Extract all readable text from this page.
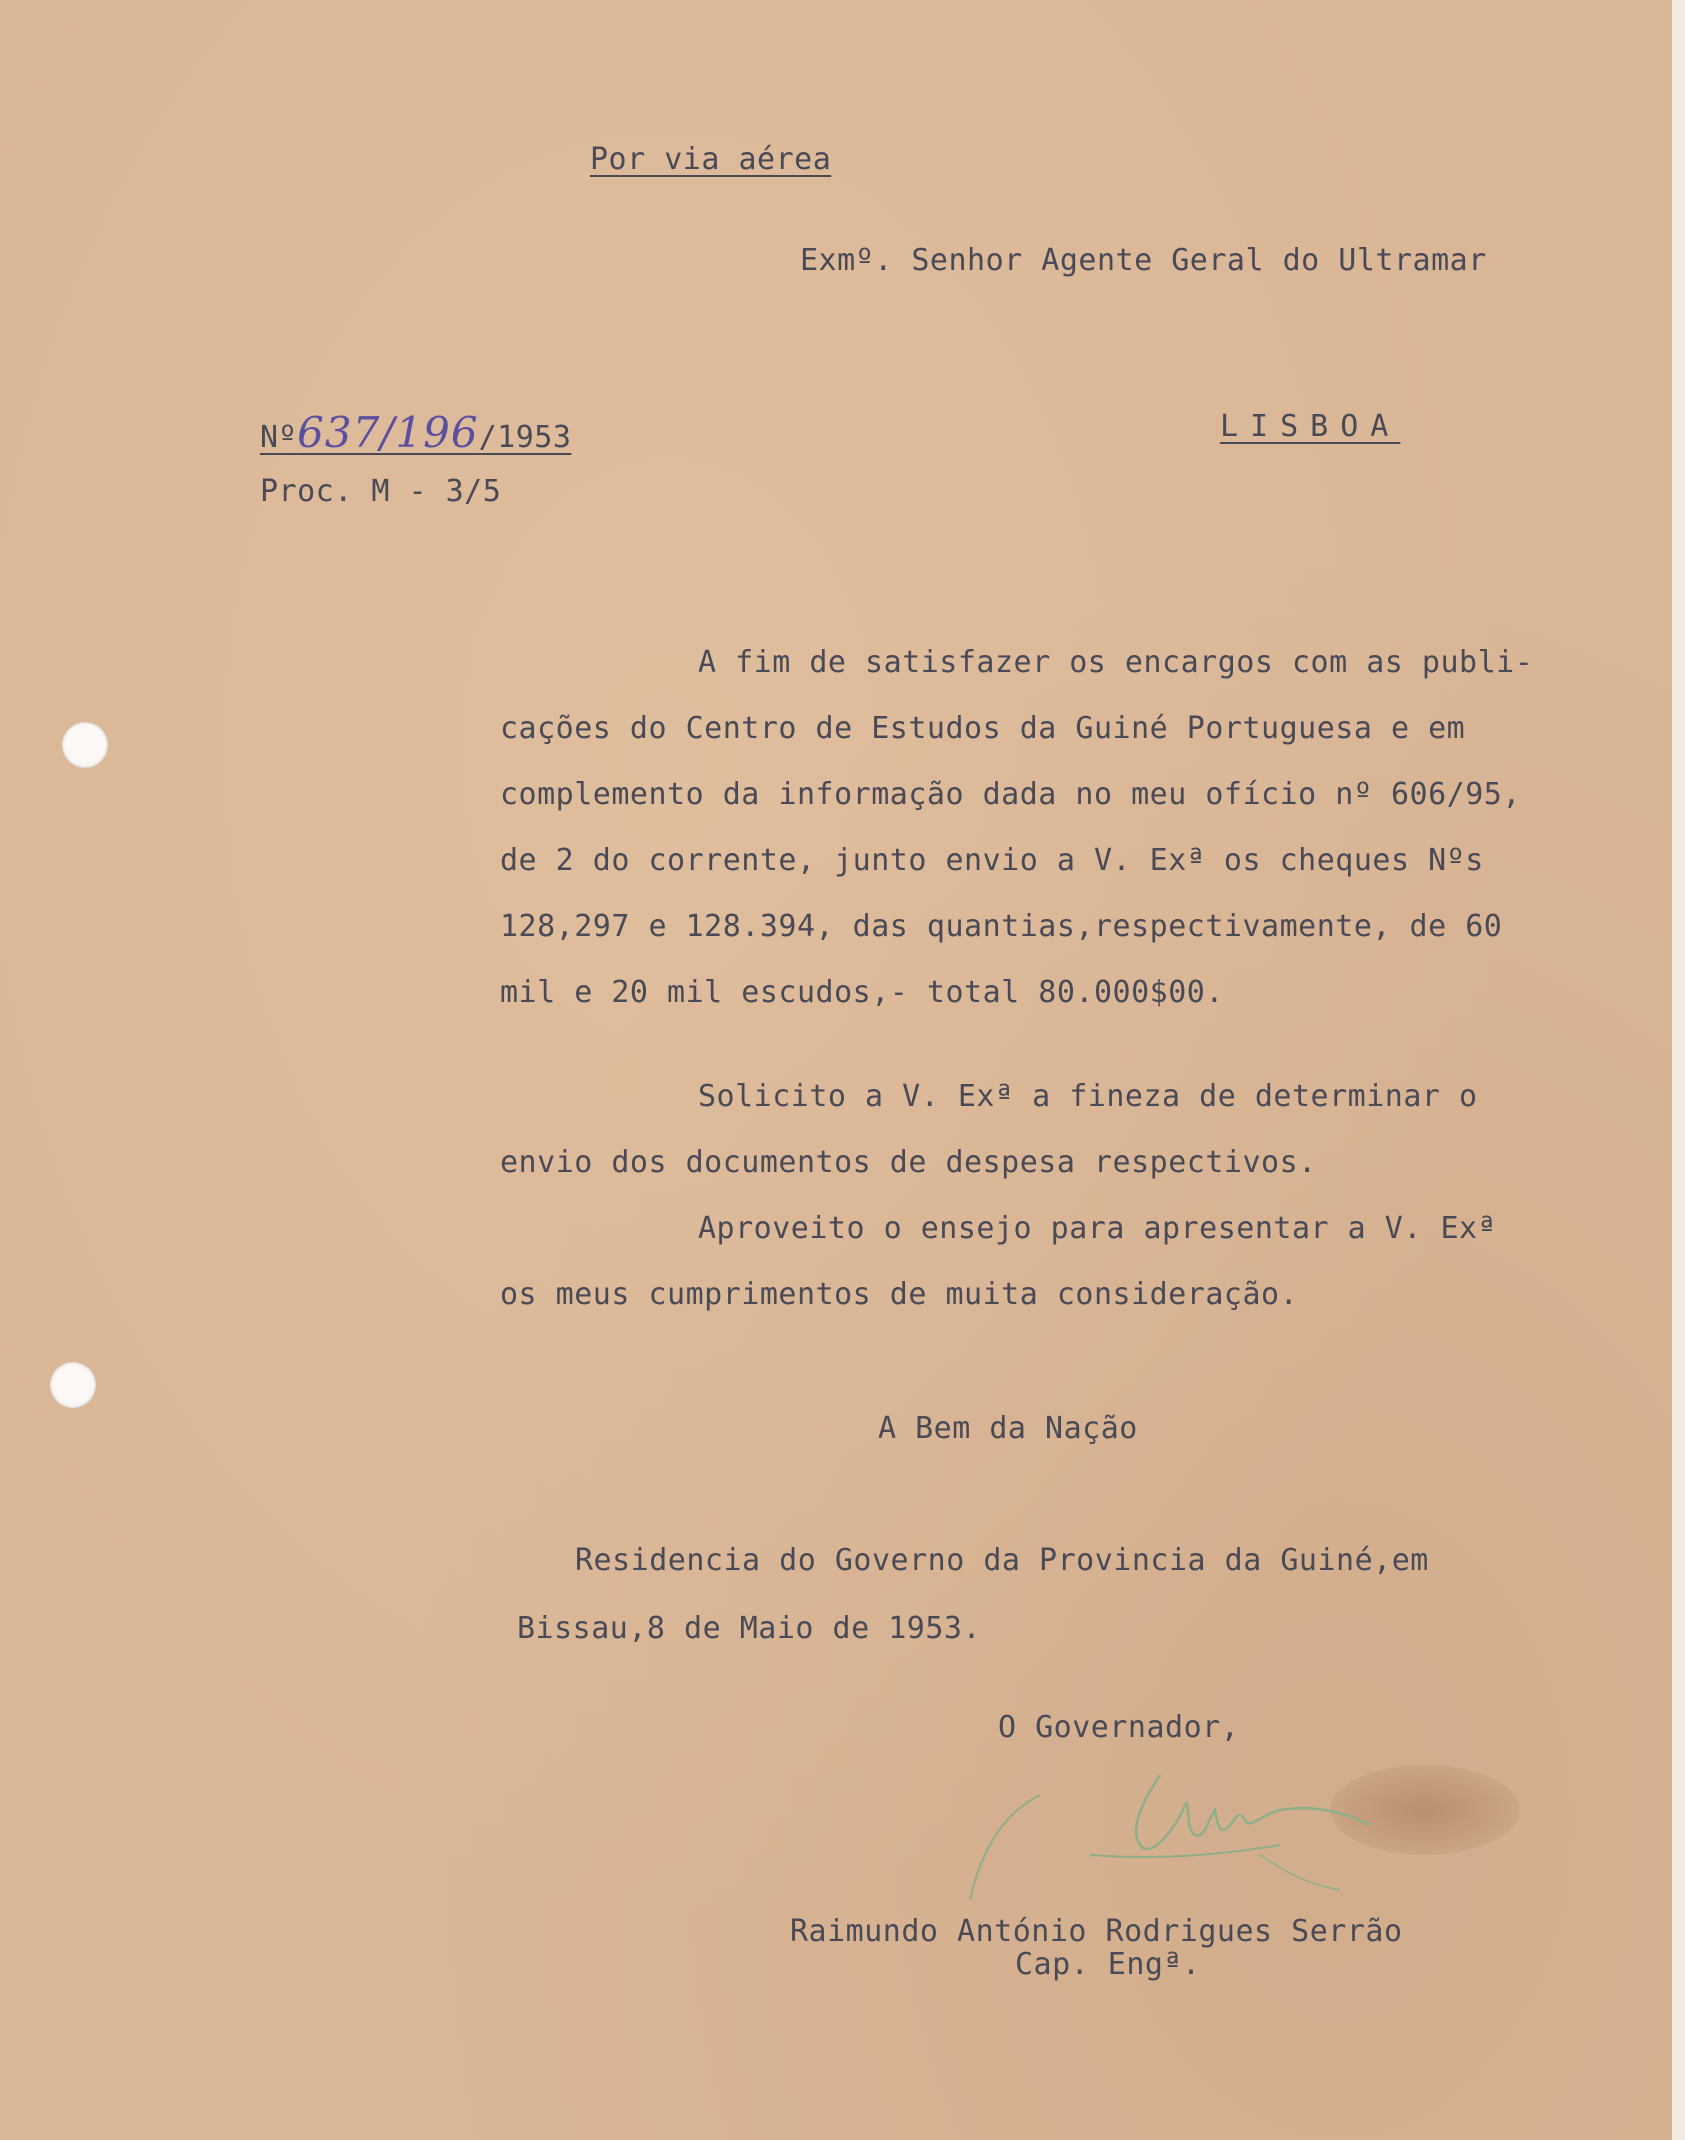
Por via aérea
Exmº. Senhor Agente Geral do Ultramar
Nº637/196/1953	LISBOA
Proc. M - 3/5
A fim de satisfazer os encargos com as publi-
cações do Centro de Estudos da Guiné Portuguesa e em
complemento da informação dada no meu ofício nº 606/95,
de 2 do corrente, junto envio a V. Exª os cheques Nºs
128,297 e 128.394, das quantias,respectivamente, de 60
mil e 20 mil escudos,- total 80.000$00.
Solicito a V. Exª a fineza de determinar o
envio dos documentos de despesa respectivos.
Aproveito o ensejo para apresentar a V. Exª
os meus cumprimentos de muita consideração.
A Bem da Nação
Residencia do Governo da Provincia da Guiné,em
Bissau,8 de Maio de 1953.
O Governador,
Raimundo António Rodrigues Serrão
Cap. Engª.
